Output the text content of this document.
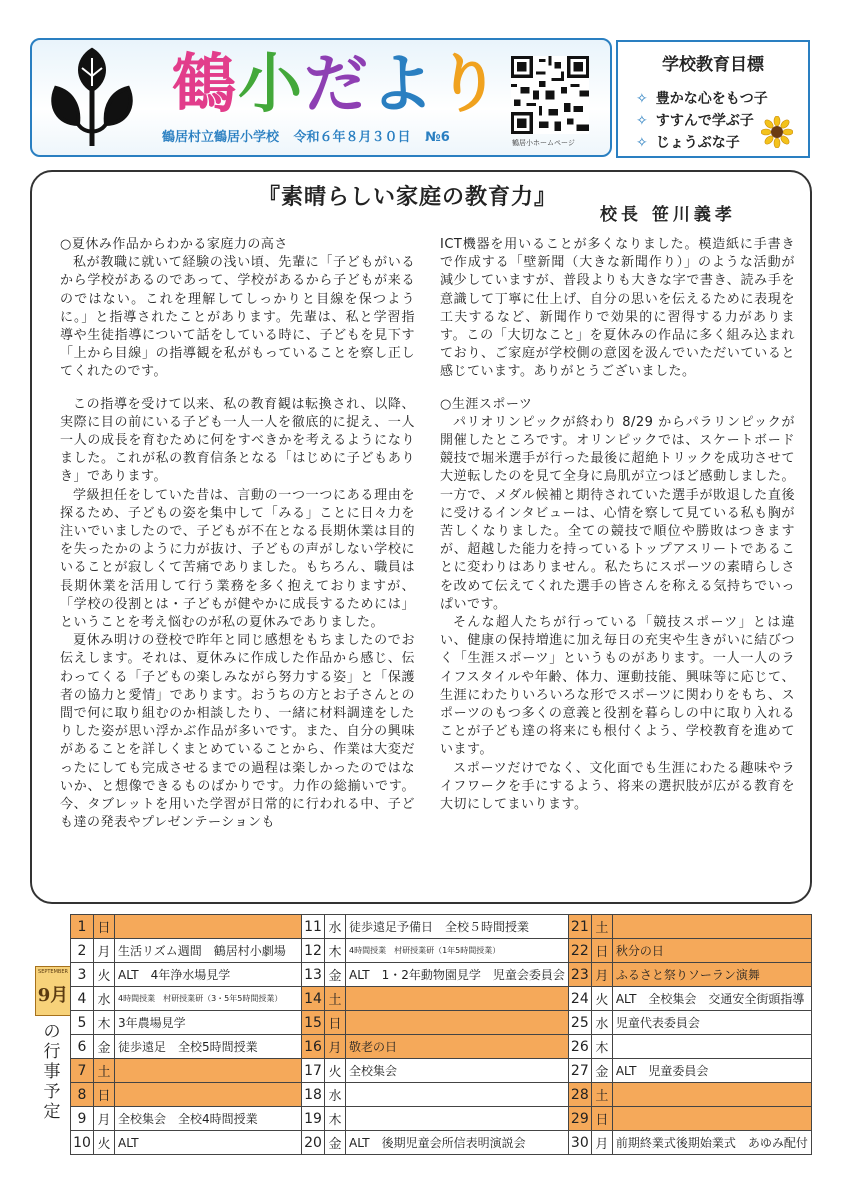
鶴小だより
鶴居村立鶴居小学校 令和６年８月３０日 №6	鶴居小ホームページ
学校教育目標
✧ 豊かな心をもつ子
✧ すすんで学ぶ子
✧ じょうぶな子
『素晴らしい家庭の教育力』
校長 笹川義孝

○夏休み作品からわかる家庭力の高さ

私が教職に就いて経験の浅い頃、先輩に「子どもがいるから学校があるのであって、学校があるから子どもが来るのではない。これを理解してしっかりと目線を保つように。」と指導されたことがあります。先輩は、私と学習指導や生徒指導について話をしている時に、子どもを見下す「上から目線」の指導観を私がもっていることを察し正してくれたのです。

この指導を受けて以来、私の教育観は転換され、以降、実際に目の前にいる子ども一人一人を徹底的に捉え、一人一人の成長を育むために何をすべきかを考えるようになりました。これが私の教育信条となる「はじめに子どもありき」であります。

学級担任をしていた昔は、言動の一つ一つにある理由を探るため、子どもの姿を集中して「みる」ことに日々力を注いでいましたので、子どもが不在となる長期休業は目的を失ったかのように力が抜け、子どもの声がしない学校にいることが寂しくて苦痛でありました。もちろん、職員は長期休業を活用して行う業務を多く抱えておりますが、「学校の役割とは・子どもが健やかに成長するためには」ということを考え悩むのが私の夏休みでありました。

夏休み明けの登校で昨年と同じ感想をもちましたのでお伝えします。それは、夏休みに作成した作品から感じ、伝わってくる「子どもの楽しみながら努力する姿」と「保護者の協力と愛情」であります。おうちの方とお子さんとの間で何に取り組むのか相談したり、一緒に材料調達をしたりした姿が思い浮かぶ作品が多いです。また、自分の興味があることを詳しくまとめていることから、作業は大変だったにしても完成させるまでの過程は楽しかったのではないか、と想像できるものばかりです。力作の総揃いです。今、タブレットを用いた学習が日常的に行われる中、子ども達の発表やプレゼンテーションも

ICT機器を用いることが多くなりました。模造紙に手書きで作成する「壁新聞（大きな新聞作り）」のような活動が減少していますが、普段よりも大きな字で書き、読み手を意識して丁寧に仕上げ、自分の思いを伝えるために表現を工夫するなど、新聞作りで効果的に習得する力があります。この「大切なこと」を夏休みの作品に多く組み込まれており、ご家庭が学校側の意図を汲んでいただいていると感じています。ありがとうございました。

○生涯スポーツ

パリオリンピックが終わり 8/29 からパラリンピックが開催したところです。オリンピックでは、スケートボード競技で堀米選手が行った最後に超絶トリックを成功させて大逆転したのを見て全身に鳥肌が立つほど感動しました。一方で、メダル候補と期待されていた選手が敗退した直後に受けるインタビューは、心情を察して見ている私も胸が苦しくなりました。全ての競技で順位や勝敗はつきますが、超越した能力を持っているトップアスリートであることに変わりはありません。私たちにスポーツの素晴らしさを改めて伝えてくれた選手の皆さんを称える気持ちでいっぱいです。

そんな超人たちが行っている「競技スポーツ」とは違い、健康の保持増進に加え毎日の充実や生きがいに結びつく「生涯スポーツ」というものがあります。一人一人のライフスタイルや年齢、体力、運動技能、興味等に応じて、生涯にわたりいろいろな形でスポーツに関わりをもち、スポーツのもつ多くの意義と役割を暮らしの中に取り入れることが子ども達の将来にも根付くよう、学校教育を進めています。

スポーツだけでなく、文化面でも生涯にわたる趣味やライフワークを手にするよう、将来の選択肢が広がる教育を大切にしてまいります。

SEPTEMBER
9月
の
行
事
予
定
1	日		11	水	徒歩遠足予備日　全校５時間授業	21	土	
2	月	生活リズム週間　鶴居村小劇場	12	木	4時間授業　村研授業研（1年5時間授業）	22	日	秋分の日
3	火	ALT　4年浄水場見学	13	金	ALT　1・2年動物園見学　児童会委員会	23	月	ふるさと祭りソーラン演舞
4	水	4時間授業　村研授業研（3・5年5時間授業）	14	土		24	火	ALT　全校集会　交通安全街頭指導
5	木	3年農場見学	15	日		25	水	児童代表委員会
6	金	徒歩遠足　全校5時間授業	16	月	敬老の日	26	木	
7	土		17	火	全校集会	27	金	ALT　児童委員会
8	日		18	水		28	土	
9	月	全校集会　全校4時間授業	19	木		29	日	
10	火	ALT	20	金	ALT　後期児童会所信表明演説会	30	月	前期終業式後期始業式　あゆみ配付
